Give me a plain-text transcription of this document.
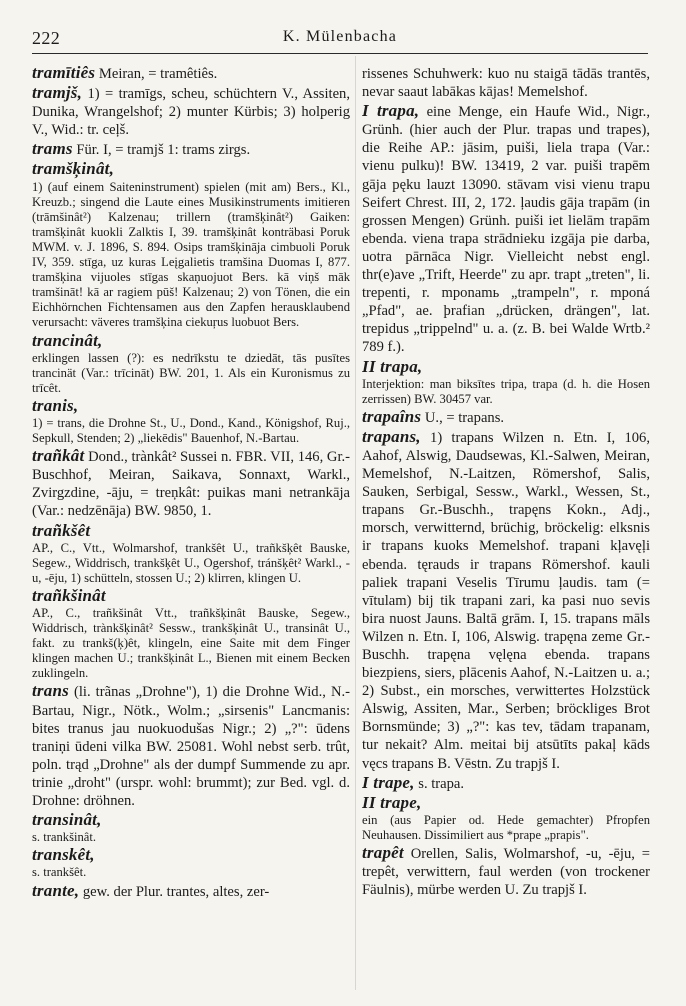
222	K. Mülenbacha

tramītiês Meiran, = tramêtiês.

tramjš, 1) = tramīgs, scheu, schüchtern V., Assiten, Dunika, Wrangelshof; 2) munter Kürbis; 3) holperig V., Wid.: tr. ceļš.

trams Für. I, = tramjš 1: trams zirgs.

tramšķinât,
1) (auf einem Saiteninstrument) spielen (mit am) Bers., Kl., Kreuzb.; singend die Laute eines Musikinstruments imitieren (trāmšinât²) Kalzenau; trillern (tramšķinât²) Gaiken: tramšķinât kuokli Zalktis I, 39. tramšķinât konträbasi Poruk MWM. v. J. 1896, S. 894. Osips tramšķināja cimbuoli Poruk IV, 359. stīga, uz kuras Leįgalietis tramšina Duomas I, 877. tramšķina vijuoles stīgas skaņuojuot Bers. kā viņš māk tramšināt! kā ar ragiem pūš! Kalzenau; 2) von Tönen, die ein Eichhörnchen Fichtensamen aus den Zapfen herausklaubend verursacht: väveres tramšķina ciekuŗus luobuot Bers.

trancinât,
erklingen lassen (?): es nedrīkstu te dziedāt, tās pusītes trancinät (Var.: trīcināt) BW. 201, 1. Als ein Kuronismus zu trīcêt.

tranis,
1) = trans, die Drohne St., U., Dond., Kand., Königshof, Ruj., Sepkull, Stenden; 2) „liekēdis" Bauenhof, N.-Bartau.

trañkât Dond., trànkât² Sussei n. FBR. VII, 146, Gr.-Buschhof, Meiran, Saikava, Sonnaxt, Warkl., Zvirgzdine, -āju, = treņkât: puikas mani netrankāja (Var.: nedzēnāja) BW. 9850, 1.

trañkšêt
AP., C., Vtt., Wolmarshof, trankšêt U., trañkšķêt Bauske, Segew., Widdrisch, trankšķêt U., Ogershof, tránšķêt² Warkl., -u, -ēju, 1) schütteln, stossen U.; 2) klirren, klingen U.

trañkšinât
AP., C., trañkšinât Vtt., trañkšķinât Bauske, Segew., Widdrisch, trànkšķinât² Sessw., trankšķinât U., transinât U., fakt. zu trankš(ķ)êt, klingeln, eine Saite mit dem Finger klingen machen U.; trankšķinât L., Bienen mit einem Becken zuklingeln.

trans (li. trãnas „Drohne"), 1) die Drohne Wid., N.-Bartau, Nigr., Nötk., Wolm.; „sirsenis" Lancmanis: bites tranus jau nuokuodušas Nigr.; 2) „?": ūdens traniņi ūdeni vilka BW. 25081. Wohl nebst serb. trût, poln. trąd „Drohne" als der dumpf Summende zu apr. trinie „droht" (urspr. wohl: brummt); zur Bed. vgl. d. Drohne: dröhnen.

transinât,
s. trankšinât.

transkêt,
s. trankšêt.

trante, gew. der Plur. trantes, altes, zer-

rissenes Schuhwerk: kuo nu staigā tādās trantēs, nevar saaut labākas kājas! Memelshof.

I trapa, eine Menge, ein Haufe Wid., Nigr., Grünh. (hier auch der Plur. trapas und trapes), die Reihe AP.: jāsim, puiši, liela trapa (Var.: vienu pulku)! BW. 13419, 2 var. puiši trapēm gāja pęku lauzt 13090. stāvam visi vienu trapu Seifert Chrest. III, 2, 172. ļaudis gāja trapām (in grossen Mengen) Grünh. puiši iet lielām trapām ebenda. viena trapa strādnieku izgāja pie darba, uotra pārnāca Nigr. Vielleicht nebst engl. thr(e)ave „Trift, Heerde" zu apr. trapt „treten", li. trepenti, r. mponamь „trampeln", r. mponá „Pfad", ae. þrafian „drücken, drängen", lat. trepidus „trippelnd" u. a. (z. B. bei Walde Wrtb.² 789 f.).

II trapa,
Interjektion: man biksītes tripa, trapa (d. h. die Hosen zerrissen) BW. 30457 var.

trapaîns U., = trapans.

trapans, 1) trapans Wilzen n. Etn. I, 106, Aahof, Alswig, Daudsewas, Kl.-Salwen, Meiran, Memelshof, N.-Laitzen, Römershof, Salis, Sauken, Serbigal, Sessw., Warkl., Wessen, St., trapans Gr.-Buschh., trapęns Kokn., Adj., morsch, verwitternd, brüchig, bröckelig: elksnis ir trapans kuoks Memelshof. trapani kļavęļi ebenda. tęrauds ir trapans Römershof. kauli paliek trapani Veselis Tīrumu ļaudis. tam (= vītulam) bij tik trapani zari, ka pasi nuo sevis bira nuost Jauns. Baltā grām. I, 15. trapans māls Wilzen n. Etn. I, 106, Alswig. trapęna zeme Gr.-Buschh. trapęna vęlęna ebenda. trapans biezpiens, siers, plācenis Aahof, N.-Laitzen u. a.; 2) Subst., ein morsches, verwittertes Holzstück Alswig, Assiten, Mar., Serben; bröckliges Brot Bornsmünde; 3) „?": kas tev, tādam trapanam, tur nekait? Alm. meitai bij atsūtīts pakaļ kāds vęcs trapans B. Vēstn. Zu trapjš I.

I trape, s. trapa.

II trape,
ein (aus Papier od. Hede gemachter) Pfropfen Neuhausen. Dissimiliert aus *prape „prapis".

trapêt Orellen, Salis, Wolmarshof, -u, -ēju, = trepêt, verwittern, faul werden (von trockener Fäulnis), mürbe werden U. Zu trapjš I.
